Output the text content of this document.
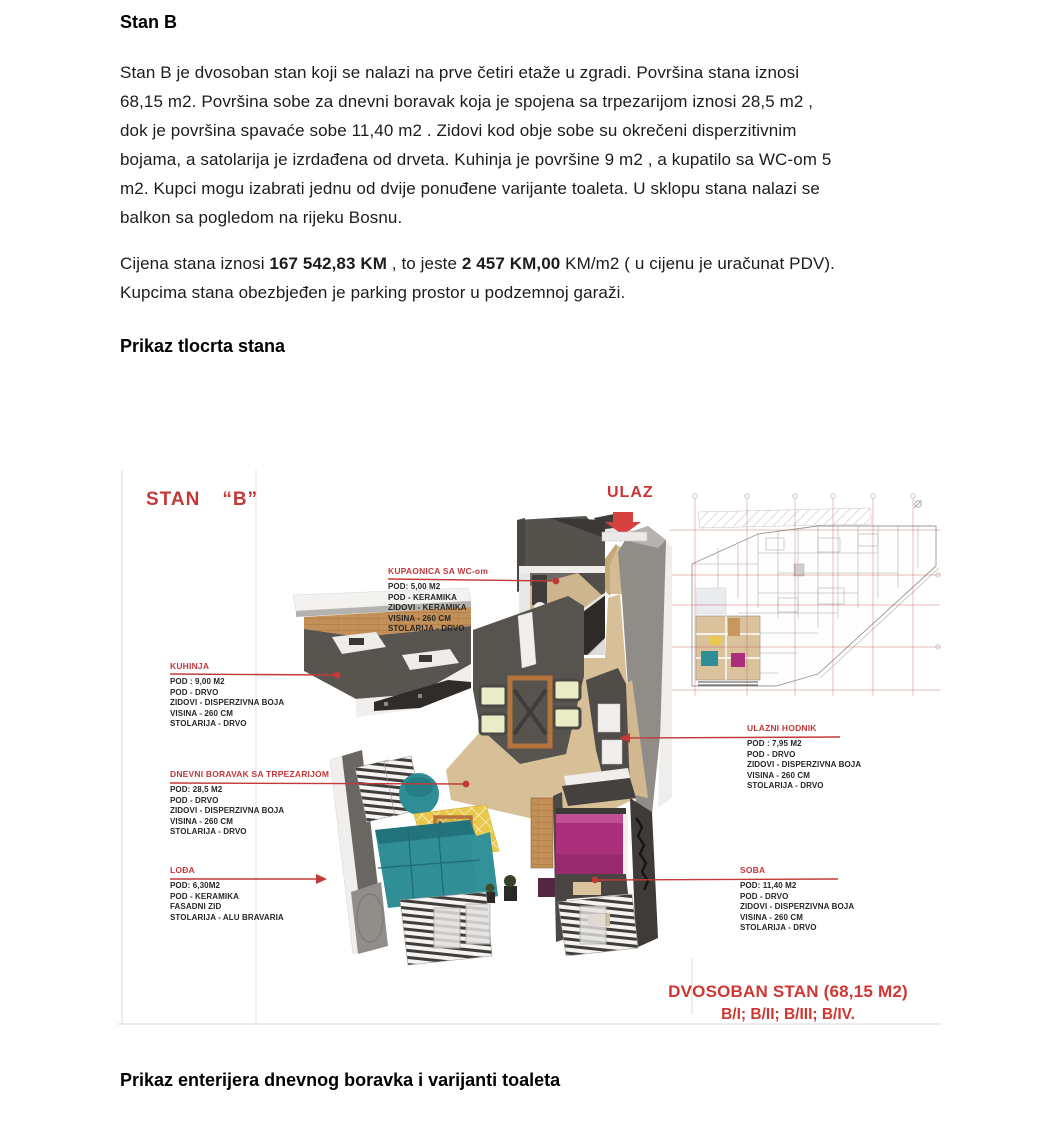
Stan B
Stan B je dvosoban stan koji se nalazi na prve četiri etaže u zgradi. Površina stana iznosi
68,15 m2. Površina sobe za dnevni boravak koja je spojena sa trpezarijom iznosi 28,5 m2 ,
dok je površina spavaće sobe 11,40 m2 . Zidovi kod obje sobe su okrečeni disperzitivnim
bojama, a satolarija je izrdađena od drveta. Kuhinja je površine 9 m2 , a kupatilo sa WC-om 5
m2. Kupci mogu izabrati jednu od dvije ponuđene varijante toaleta. U sklopu stana nalazi se
balkon sa pogledom na rijeku Bosnu.
Cijena stana iznosi 167 542,83 KM , to jeste 2 457 KM,00 KM/m2 ( u cijenu je uračunat PDV).
Kupcima stana obezbjeđen je parking prostor u podzemnoj garaži.
Prikaz tlocrta stana
STAN “B”	ULAZ
KUPAONICA SA WC-om
POD: 5,00 M2
POD - KERAMIKA
ZIDOVI - KERAMIKA
VISINA - 260 CM
STOLARIJA - DRVO
KUHINJA
POD : 9,00 M2
POD - DRVO
ZIDOVI - DISPERZIVNA BOJA
VISINA - 260 CM
STOLARIJA - DRVO
DNEVNI BORAVAK SA TRPEZARIJOM
POD: 28,5 M2
POD - DRVO
ZIDOVI - DISPERZIVNA BOJA
VISINA - 260 CM
STOLARIJA - DRVO
LOĐA
POD: 6,30M2
POD - KERAMIKA
FASADNI ZID
STOLARIJA - ALU BRAVARIA
ULAZNI HODNIK
POD : 7,95 M2
POD - DRVO
ZIDOVI - DISPERZIVNA BOJA
VISINA - 260 CM
STOLARIJA - DRVO
SOBA
POD: 11,40 M2
POD - DRVO
ZIDOVI - DISPERZIVNA BOJA
VISINA - 260 CM
STOLARIJA - DRVO
DVOSOBAN STAN (68,15 M2)
B/I; B/II; B/III; B/IV.
Prikaz enterijera dnevnog boravka i varijanti toaleta
